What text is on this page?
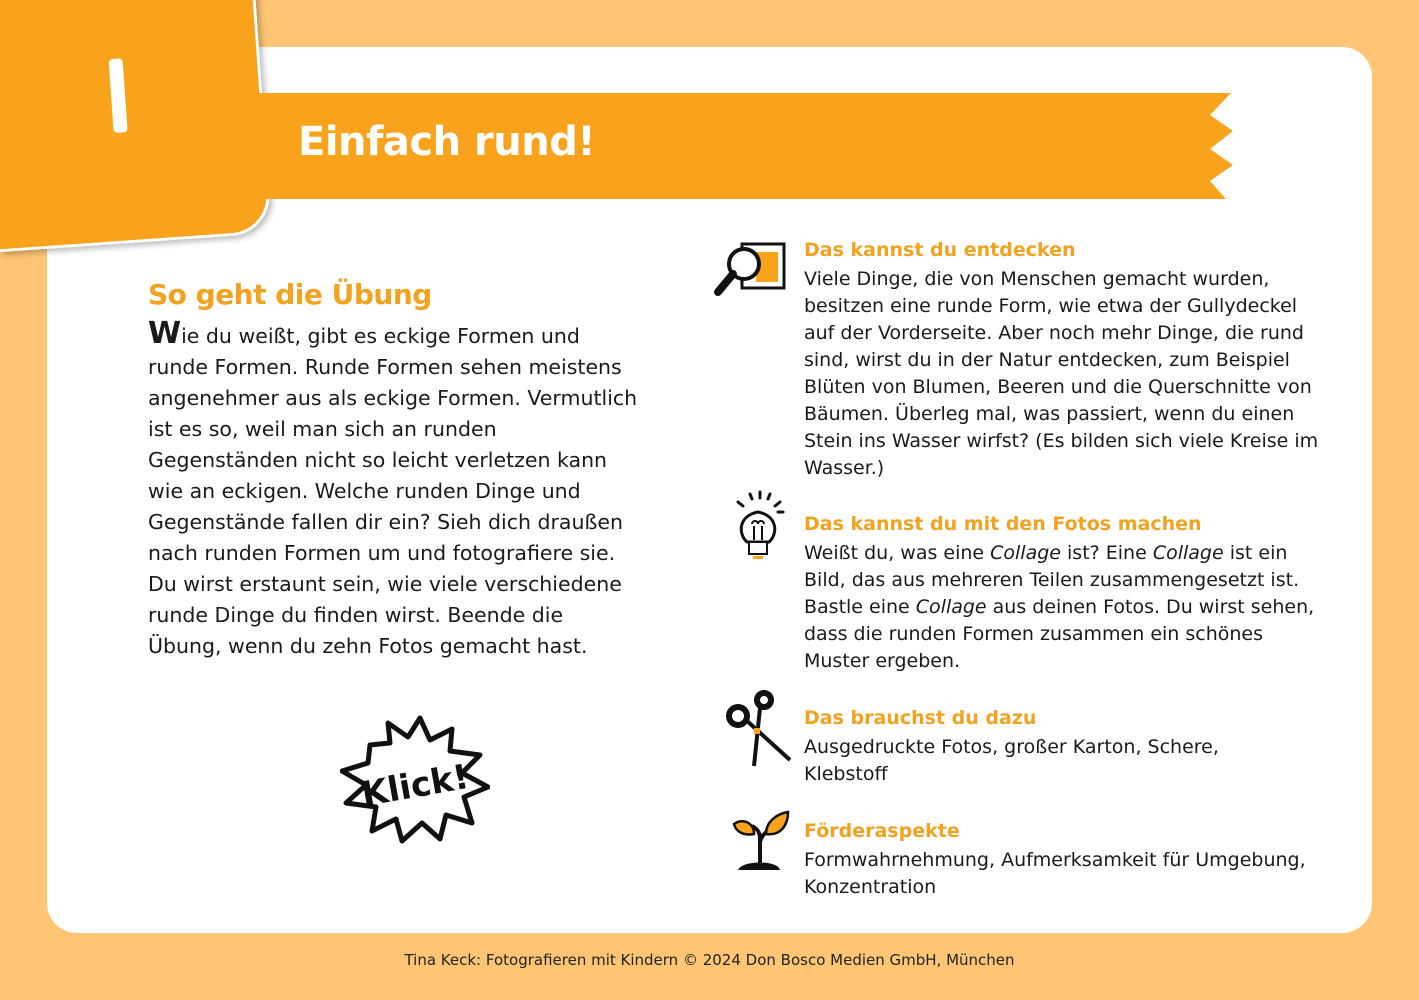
Einfach rund!
So geht die Übung

Wie du weißt, gibt es eckige Formen und runde Formen. Runde Formen sehen meistens angenehmer aus als eckige Formen. Vermutlich ist es so, weil man sich an runden Gegenständen nicht so leicht verletzen kann wie an eckigen. Welche runden Dinge und Gegenstände fallen dir ein? Sieh dich draußen nach runden Formen um und fotografiere sie. Du wirst erstaunt sein, wie viele verschiedene runde Dinge du finden wirst. Beende die Übung, wenn du zehn Fotos gemacht hast.

Klick!
Das kannst du entdecken

Viele Dinge, die von Menschen gemacht wurden, besitzen eine runde Form, wie etwa der Gullydeckel auf der Vorderseite. Aber noch mehr Dinge, die rund sind, wirst du in der Natur entdecken, zum Beispiel Blüten von Blumen, Beeren und die Querschnitte von Bäumen. Überleg mal, was passiert, wenn du einen Stein ins Wasser wirfst? (Es bilden sich viele Kreise im Wasser.)

Das kannst du mit den Fotos machen

Weißt du, was eine Collage ist? Eine Collage ist ein Bild, das aus mehreren Teilen zusammengesetzt ist. Bastle eine Collage aus deinen Fotos. Du wirst sehen, dass die runden Formen zusammen ein schönes Muster ergeben.

Das brauchst du dazu

Ausgedruckte Fotos, großer Karton, Schere, Klebstoff

Förderaspekte

Formwahrnehmung, Aufmerksamkeit für Umgebung, Konzentration

Tina Keck: Fotografieren mit Kindern © 2024 Don Bosco Medien GmbH, München
